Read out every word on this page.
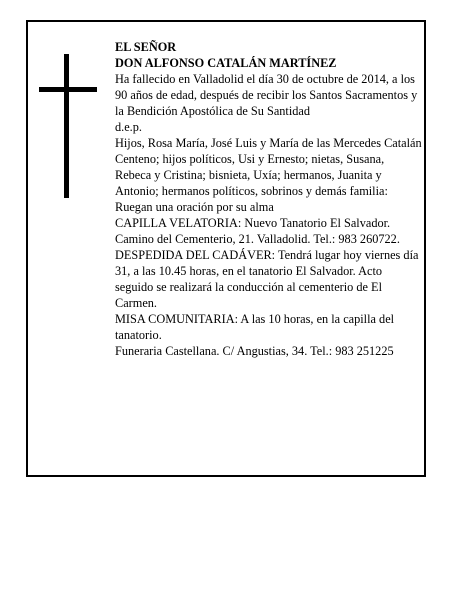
EL SEÑOR

DON ALFONSO CATALÁN MARTÍNEZ

Ha fallecido en Valladolid el día 30 de octubre de 2014, a los 90 años de edad, después de recibir los Santos Sacramentos y la Bendición Apostólica de Su Santidad

d.e.p.

Hijos, Rosa María, José Luis y María de las Mercedes Catalán Centeno; hijos políticos, Usi y Ernesto; nietas, Susana, Rebeca y Cristina; bisnieta, Uxía; hermanos, Juanita y Antonio; hermanos políticos, sobrinos y demás familia:

Ruegan una oración por su alma

CAPILLA VELATORIA: Nuevo Tanatorio El Salvador. Camino del Cementerio, 21. Valladolid. Tel.: 983 260722.

DESPEDIDA DEL CADÁVER: Tendrá lugar hoy viernes día 31, a las 10.45 horas, en el tanatorio El Salvador. Acto seguido se realizará la conducción al cementerio de El Carmen.

MISA COMUNITARIA: A las 10 horas, en la capilla del tanatorio.

Funeraria Castellana. C/ Angustias, 34. Tel.: 983 251225
